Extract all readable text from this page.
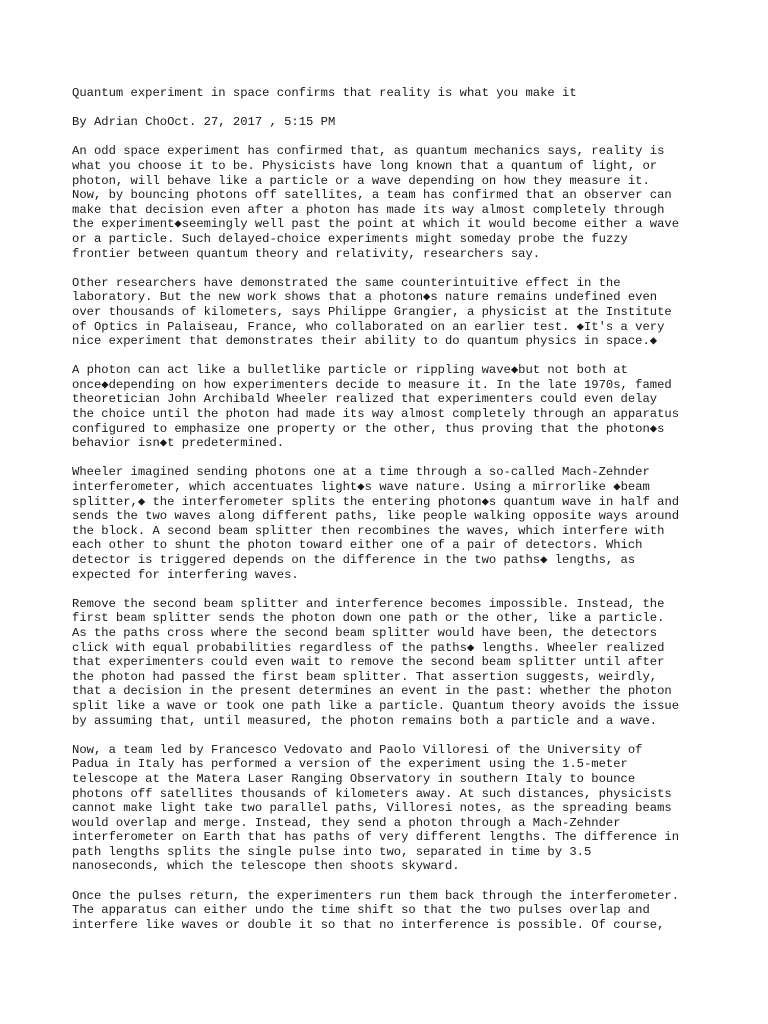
Quantum experiment in space confirms that reality is what you make it

By Adrian ChoOct. 27, 2017 , 5:15 PM

An odd space experiment has confirmed that, as quantum mechanics says, reality is
what you choose it to be. Physicists have long known that a quantum of light, or
photon, will behave like a particle or a wave depending on how they measure it.
Now, by bouncing photons off satellites, a team has confirmed that an observer can
make that decision even after a photon has made its way almost completely through
the experiment◆seemingly well past the point at which it would become either a wave
or a particle. Such delayed-choice experiments might someday probe the fuzzy
frontier between quantum theory and relativity, researchers say.

Other researchers have demonstrated the same counterintuitive effect in the
laboratory. But the new work shows that a photon◆s nature remains undefined even
over thousands of kilometers, says Philippe Grangier, a physicist at the Institute
of Optics in Palaiseau, France, who collaborated on an earlier test. ◆It's a very
nice experiment that demonstrates their ability to do quantum physics in space.◆

A photon can act like a bulletlike particle or rippling wave◆but not both at
once◆depending on how experimenters decide to measure it. In the late 1970s, famed
theoretician John Archibald Wheeler realized that experimenters could even delay
the choice until the photon had made its way almost completely through an apparatus
configured to emphasize one property or the other, thus proving that the photon◆s
behavior isn◆t predetermined.

Wheeler imagined sending photons one at a time through a so-called Mach-Zehnder
interferometer, which accentuates light◆s wave nature. Using a mirrorlike ◆beam
splitter,◆ the interferometer splits the entering photon◆s quantum wave in half and
sends the two waves along different paths, like people walking opposite ways around
the block. A second beam splitter then recombines the waves, which interfere with
each other to shunt the photon toward either one of a pair of detectors. Which
detector is triggered depends on the difference in the two paths◆ lengths, as
expected for interfering waves.

Remove the second beam splitter and interference becomes impossible. Instead, the
first beam splitter sends the photon down one path or the other, like a particle.
As the paths cross where the second beam splitter would have been, the detectors
click with equal probabilities regardless of the paths◆ lengths. Wheeler realized
that experimenters could even wait to remove the second beam splitter until after
the photon had passed the first beam splitter. That assertion suggests, weirdly,
that a decision in the present determines an event in the past: whether the photon
split like a wave or took one path like a particle. Quantum theory avoids the issue
by assuming that, until measured, the photon remains both a particle and a wave.

Now, a team led by Francesco Vedovato and Paolo Villoresi of the University of
Padua in Italy has performed a version of the experiment using the 1.5-meter
telescope at the Matera Laser Ranging Observatory in southern Italy to bounce
photons off satellites thousands of kilometers away. At such distances, physicists
cannot make light take two parallel paths, Villoresi notes, as the spreading beams
would overlap and merge. Instead, they send a photon through a Mach-Zehnder
interferometer on Earth that has paths of very different lengths. The difference in
path lengths splits the single pulse into two, separated in time by 3.5
nanoseconds, which the telescope then shoots skyward.

Once the pulses return, the experimenters run them back through the interferometer.
The apparatus can either undo the time shift so that the two pulses overlap and
interfere like waves or double it so that no interference is possible. Of course,
